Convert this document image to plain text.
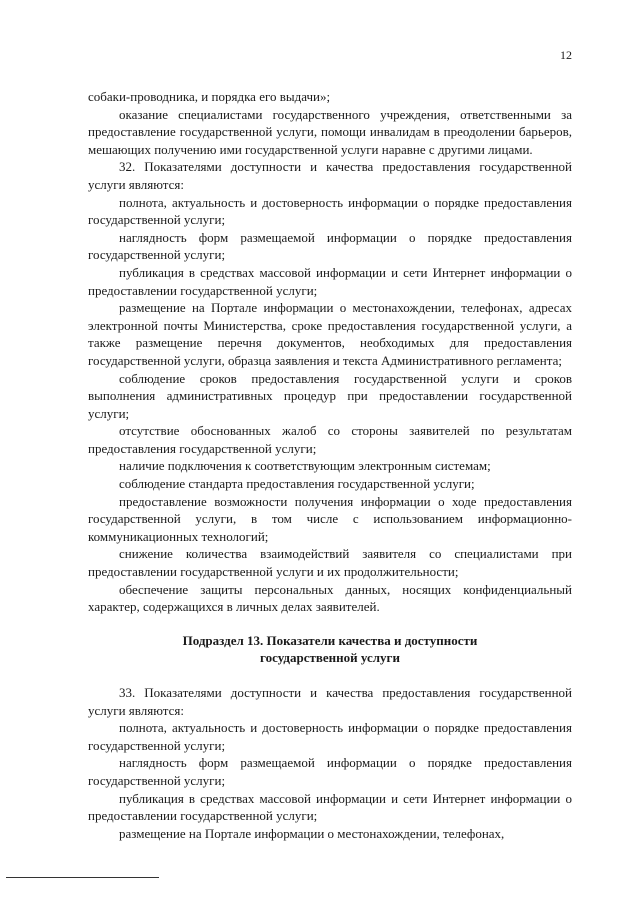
12

собаки-проводника, и порядка его выдачи»;

оказание специалистами государственного учреждения, ответственными за предоставление государственной услуги, помощи инвалидам в преодолении барьеров, мешающих получению ими государственной услуги наравне с другими лицами.

32. Показателями доступности и качества предоставления государственной услуги являются:

полнота, актуальность и достоверность информации о порядке предоставления государственной услуги;

наглядность форм размещаемой информации о порядке предоставления государственной услуги;

публикация в средствах массовой информации и сети Интернет информации о предоставлении государственной услуги;

размещение на Портале информации о местонахождении, телефонах, адресах электронной почты Министерства, сроке предоставления государственной услуги, а также размещение перечня документов, необходимых для предоставления государственной услуги, образца заявления и текста Административного регламента;

соблюдение сроков предоставления государственной услуги и сроков выполнения административных процедур при предоставлении государственной услуги;

отсутствие обоснованных жалоб со стороны заявителей по результатам предоставления государственной услуги;

наличие подключения к соответствующим электронным системам;

соблюдение стандарта предоставления государственной услуги;

предоставление возможности получения информации о ходе предоставления государственной услуги, в том числе с использованием информационно-коммуникационных технологий;

снижение количества взаимодействий заявителя со специалистами при предоставлении государственной услуги и их продолжительности;

обеспечение защиты персональных данных, носящих конфиденциальный характер, содержащихся в личных делах заявителей.

Подраздел 13. Показатели качества и доступности
государственной услуги

33. Показателями доступности и качества предоставления государственной услуги являются:

полнота, актуальность и достоверность информации о порядке предоставления государственной услуги;

наглядность форм размещаемой информации о порядке предоставления государственной услуги;

публикация в средствах массовой информации и сети Интернет информации о предоставлении государственной услуги;

размещение на Портале информации о местонахождении, телефонах,
